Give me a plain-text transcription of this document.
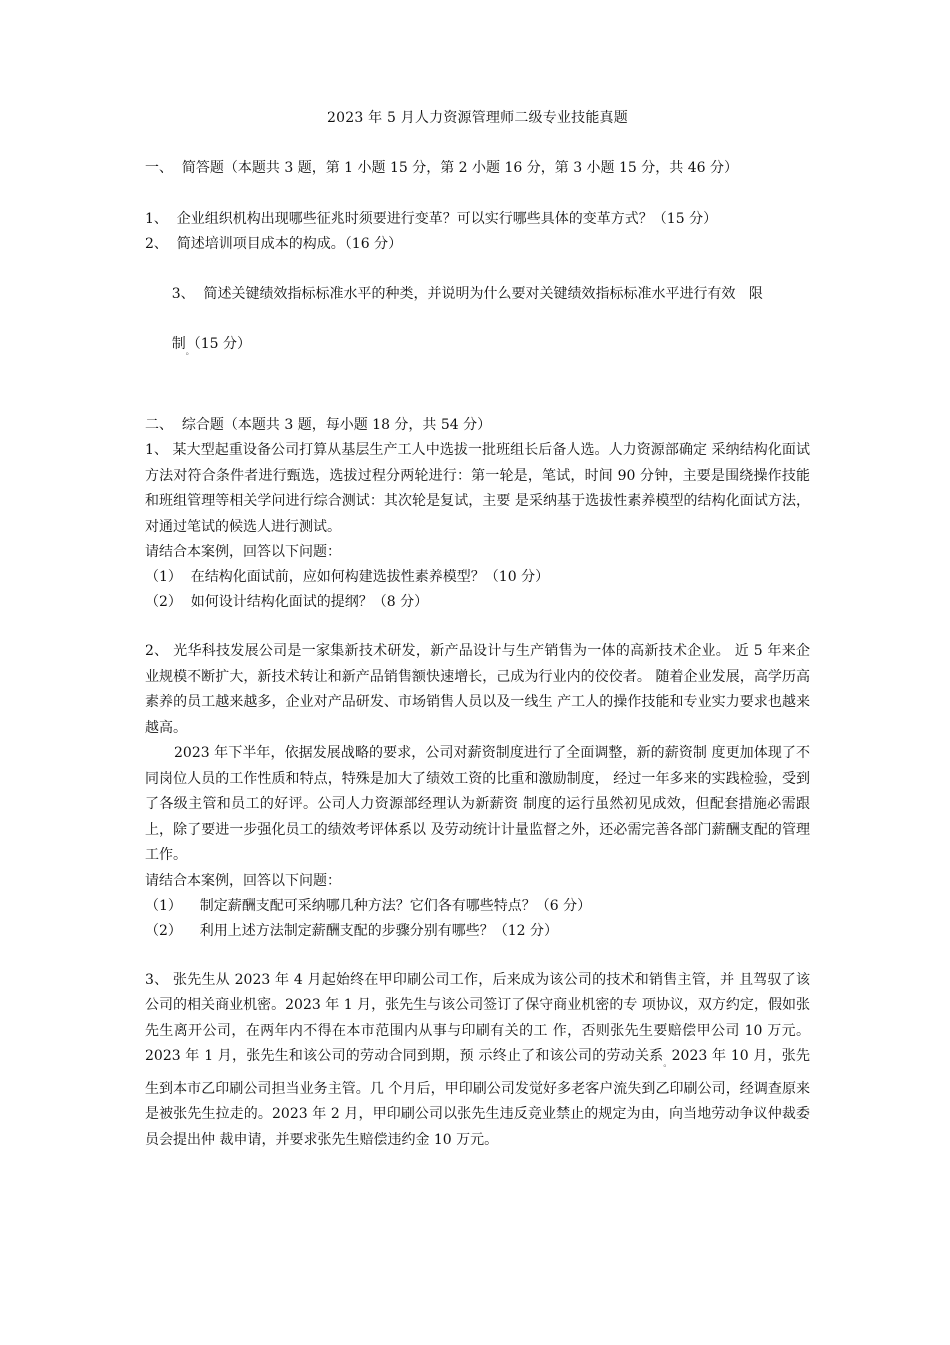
2023 年 5 月人力资源管理师二级专业技能真题

一、  简答题（本题共 3 题，第 1 小题 15 分，第 2 小题 16 分，第 3 小题 15 分，共 46 分）

1、  企业组织机构出现哪些征兆时须要进行变革？可以实行哪些具体的变革方式？（15 分）

2、  简述培训项目成本的构成。（16 分）

3、  简述关键绩效指标标准水平的种类，并说明为什么要对关键绩效指标标准水平进行有效   限

制$_。$（15 分）

二、  综合题（本题共 3 题，每小题 18 分，共 54 分）

1、 某大型起重设备公司打算从基层生产工人中选拔一批班组长后备人选。人力资源部确定 采纳结构化面试方法对符合条件者进行甄选，选拔过程分两轮进行：第一轮是，笔试，时间 90 分钟，主要是围绕操作技能和班组管理等相关学问进行综合测试：其次轮是复试，主要 是采纳基于选拔性素养模型的结构化面试方法，对通过笔试的候选人进行测试。

请结合本案例，回答以下问题：

（1）  在结构化面试前，应如何构建选拔性素养模型？（10 分）

（2）  如何设计结构化面试的提纲？（8 分）

2、 光华科技发展公司是一家集新技术研发，新产品设计与生产销售为一体的高新技术企业。 近 5 年来企业规模不断扩大，新技术转让和新产品销售额快速增长，己成为行业内的佼佼者。 随着企业发展，高学历高素养的员工越来越多，企业对产品研发、市场销售人员以及一线生 产工人的操作技能和专业实力要求也越来越高。

2023 年下半年，依据发展战略的要求，公司对薪资制度进行了全面调整，新的薪资制 度更加体现了不同岗位人员的工作性质和特点，特殊是加大了绩效工资的比重和激励制度， 经过一年多来的实践检验，受到了各级主管和员工的好评。公司人力资源部经理认为新薪资 制度的运行虽然初见成效，但配套措施必需跟上，除了要进一步强化员工的绩效考评体系以 及劳动统计计量监督之外，还必需完善各部门薪酬支配的管理工作。

请结合本案例，回答以下问题：

（1）    制定薪酬支配可采纳哪几种方法？它们各有哪些特点？（6 分）

（2）    利用上述方法制定薪酬支配的步骤分别有哪些？（12 分）

3、 张先生从 2023 年 4 月起始终在甲印刷公司工作，后来成为该公司的技术和销售主管，并 且驾驭了该公司的相关商业机密。2023 年 1 月，张先生与该公司签订了保守商业机密的专 项协议，双方约定，假如张先生离开公司，在两年内不得在本市范围内从事与印刷有关的工 作，否则张先生要赔偿甲公司 10 万元。2023 年 1 月，张先生和该公司的劳动合同到期，预 示终止了和该公司的劳动关系$_。$2023 年 10 月，张先生到本市乙印刷公司担当业务主管。几 个月后，甲印刷公司发觉好多老客户流失到乙印刷公司，经调查原来是被张先生拉走的。2023 年 2 月，甲印刷公司以张先生违反竞业禁止的规定为由，向当地劳动争议仲裁委员会提出仲 裁申请，并要求张先生赔偿违约金 10 万元。
